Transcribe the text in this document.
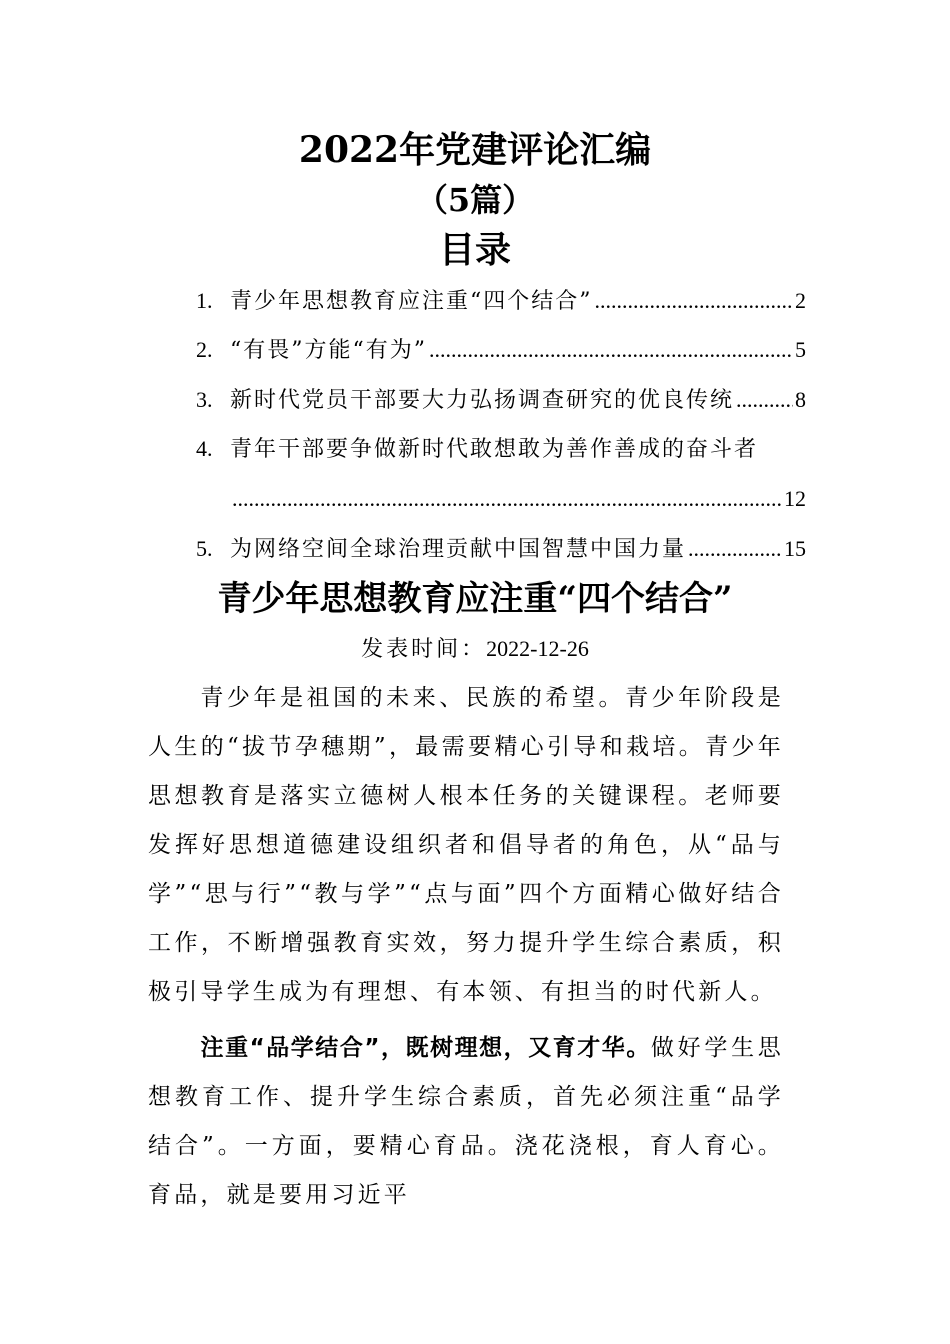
2022年党建评论汇编
（5篇）
目录
1. 青少年思想教育应注重“四个结合” .....	2
2. “有畏”方能“有为” .....	5
3. 新时代党员干部要大力弘扬调查研究的优良传统 .....	8
4. 青年干部要争做新时代敢想敢为善作善成的奋斗者
.....
12
5. 为网络空间全球治理贡献中国智慧中国力量 .....	15
青少年思想教育应注重“四个结合”
发表时间：2022-12-26

青少年是祖国的未来、民族的希望。青少年阶段是人生的“拔节孕穗期”，最需要精心引导和栽培。青少年思想教育是落实立德树人根本任务的关键课程。老师要发挥好思想道德建设组织者和倡导者的角色，从“品与学”“思与行”“教与学”“点与面”四个方面精心做好结合工作，不断增强教育实效，努力提升学生综合素质，积极引导学生成为有理想、有本领、有担当的时代新人。

注重“品学结合”，既树理想，又育才华。做好学生思想教育工作、提升学生综合素质，首先必须注重“品学结合”。一方面，要精心育品。浇花浇根，育人育心。育品，就是要用习近平
